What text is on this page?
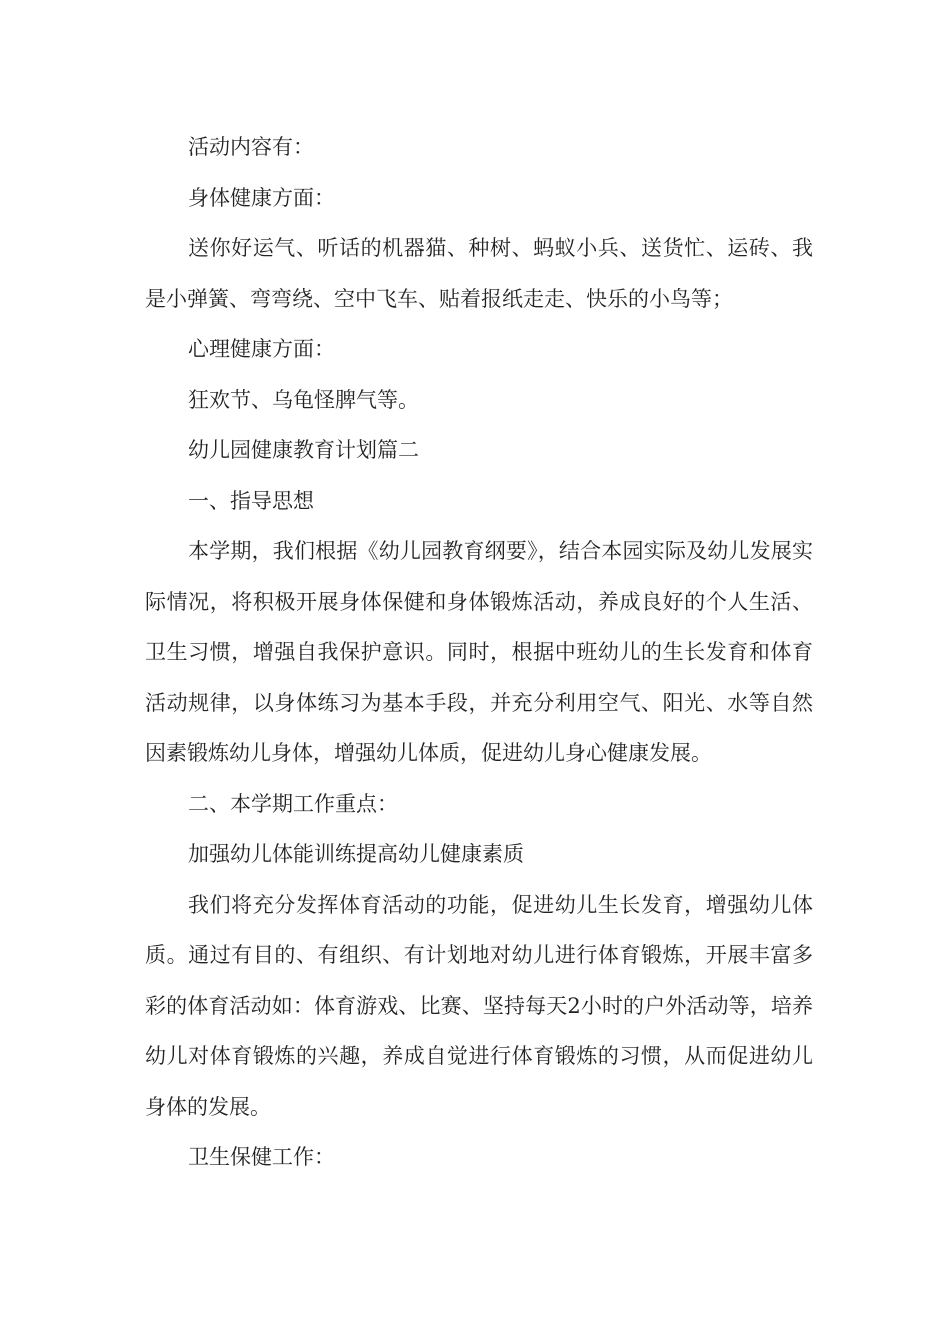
活动内容有：

身体健康方面：

送你好运气、听话的机器猫、种树、蚂蚁小兵、送货忙、运砖、我是小弹簧、弯弯绕、空中飞车、贴着报纸走走、快乐的小鸟等；

心理健康方面：

狂欢节、乌龟怪脾气等。

幼儿园健康教育计划篇二

一、指导思想

本学期，我们根据《幼儿园教育纲要》，结合本园实际及幼儿发展实际情况，将积极开展身体保健和身体锻炼活动，养成良好的个人生活、卫生习惯，增强自我保护意识。同时，根据中班幼儿的生长发育和体育活动规律，以身体练习为基本手段，并充分利用空气、阳光、水等自然因素锻炼幼儿身体，增强幼儿体质，促进幼儿身心健康发展。

二、本学期工作重点：

加强幼儿体能训练提高幼儿健康素质

我们将充分发挥体育活动的功能，促进幼儿生长发育，增强幼儿体质。通过有目的、有组织、有计划地对幼儿进行体育锻炼，开展丰富多彩的体育活动如：体育游戏、比赛、坚持每天2小时的户外活动等，培养幼儿对体育锻炼的兴趣，养成自觉进行体育锻炼的习惯，从而促进幼儿身体的发展。

卫生保健工作：
